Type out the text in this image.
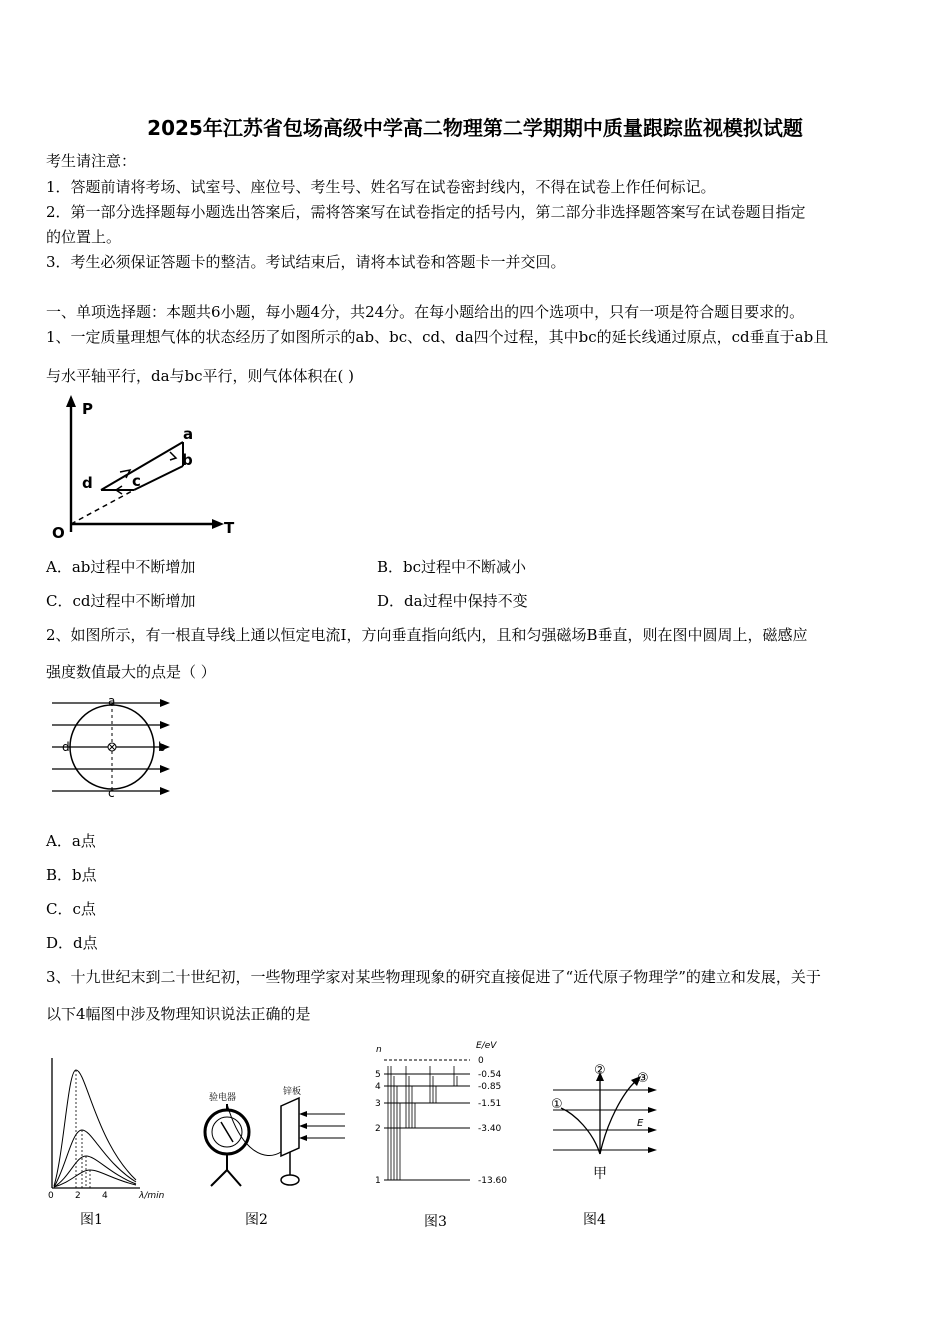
2025年江苏省包场高级中学高二物理第二学期期中质量跟踪监视模拟试题
考生请注意：
1．答题前请将考场、试室号、座位号、考生号、姓名写在试卷密封线内，不得在试卷上作任何标记。
2．第一部分选择题每小题选出答案后，需将答案写在试卷指定的括号内，第二部分非选择题答案写在试卷题目指定
的位置上。
3．考生必须保证答题卡的整洁。考试结束后，请将本试卷和答题卡一并交回。
一、单项选择题：本题共6小题，每小题4分，共24分。在每小题给出的四个选项中，只有一项是符合题目要求的。
1、一定质量理想气体的状态经历了如图所示的ab、bc、cd、da四个过程，其中bc的延长线通过原点，cd垂直于ab且
与水平轴平行，da与bc平行，则气体体积在( )
P
T
O
a
b
c
d
A．ab过程中不断增加	B．bc过程中不断减小
C．cd过程中不断增加	D．da过程中保持不变
2、如图所示，有一根直导线上通以恒定电流I，方向垂直指向纸内，且和匀强磁场B垂直，则在图中圆周上，磁感应
强度数值最大的点是（ ）
a
b
c
d
A．a点
B．b点
C．c点
D．d点
3、十九世纪末到二十世纪初，一些物理学家对某些物理现象的研究直接促进了“近代原子物理学”的建立和发展，关于
以下4幅图中涉及物理知识说法正确的是
0 2 4	λ/min
图1
验电器
锌板
图2
n	E/eV
0
5	-0.54
4	-0.85
3	-1.51
2	-3.40
1	-13.60
图3
①
②
③
E
甲
图4
